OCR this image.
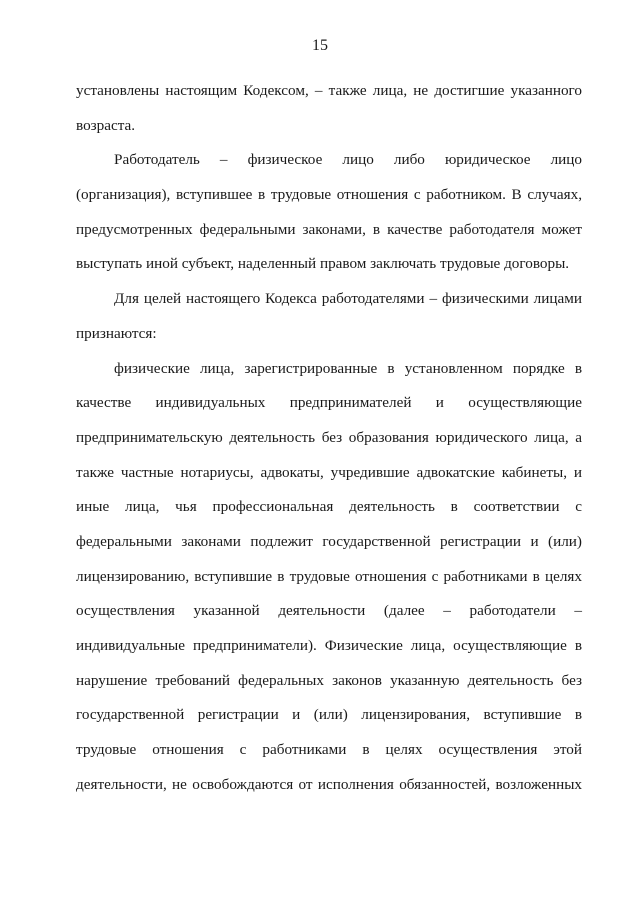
15
установлены настоящим Кодексом, – также лица, не достигшие указанного
возраста.
Работодатель – физическое лицо либо юридическое лицо
(организация), вступившее в трудовые отношения с работником. В случаях,
предусмотренных федеральными законами, в качестве работодателя может
выступать иной субъект, наделенный правом заключать трудовые договоры.
Для целей настоящего Кодекса работодателями – физическими лицами
признаются:
физические лица, зарегистрированные в установленном порядке в
качестве индивидуальных предпринимателей и осуществляющие
предпринимательскую деятельность без образования юридического лица, а
также частные нотариусы, адвокаты, учредившие адвокатские кабинеты, и
иные лица, чья профессиональная деятельность в соответствии с
федеральными законами подлежит государственной регистрации и (или)
лицензированию, вступившие в трудовые отношения с работниками в целях
осуществления указанной деятельности (далее – работодатели –
индивидуальные предприниматели). Физические лица, осуществляющие в
нарушение требований федеральных законов указанную деятельность без
государственной регистрации и (или) лицензирования, вступившие в
трудовые отношения с работниками в целях осуществления этой
деятельности, не освобождаются от исполнения обязанностей, возложенных
